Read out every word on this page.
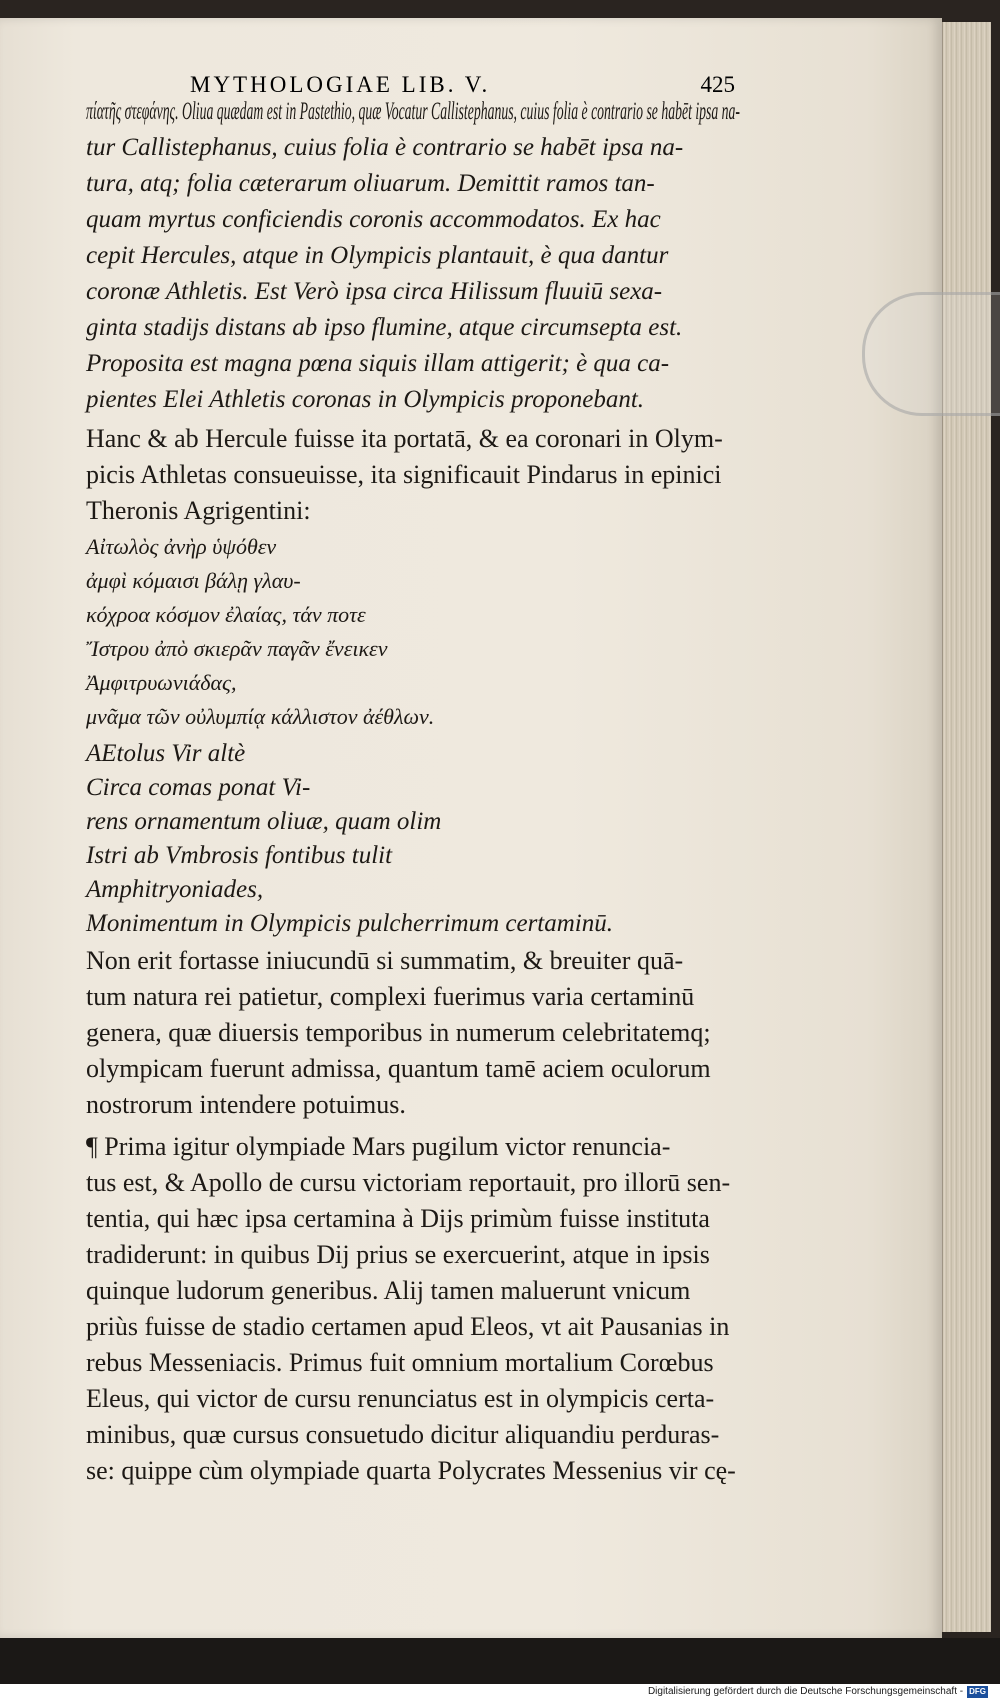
MYTHOLOGIAE LIB. V.	425
πίατῆς στεφάνης. Oliua quædam est in Pastethio, quæ Vocatur Callistephanus, cuius folia è contrario se habēt ipsa na-
tur Callistephanus, cuius folia è contrario se habēt ipsa na-
tura, atq; folia cæterarum oliuarum. Demittit ramos tan-
quam myrtus conficiendis coronis accommodatos. Ex hac
cepit Hercules, atque in Olympicis plantauit, è qua dantur
coronæ Athletis. Est Verò ipsa circa Hilissum fluuiū sexa-
ginta stadijs distans ab ipso flumine, atque circumsepta est.
Proposita est magna pœna siquis illam attigerit; è qua ca-
pientes Elei Athletis coronas in Olympicis proponebant.
Hanc & ab Hercule fuisse ita portatā, & ea coronari in Olym-
picis Athletas consueuisse, ita significauit Pindarus in epinici
Theronis Agrigentini:
Αἰτωλὸς ἀνὴρ ὑψόθεν
ἀμφὶ κόμαισι βάλῃ γλαυ-
κόχροα κόσμον ἐλαίας, τάν ποτε
Ἴστρου ἀπὸ σκιερᾶν παγᾶν ἔνεικεν
Ἀμφιτρυωνιάδας,
μνᾶμα τῶν οὐλυμπίᾳ κάλλιστον ἀέθλων.
AEtolus Vir altè
Circa comas ponat Vi-
rens ornamentum oliuæ, quam olim
Istri ab Vmbrosis fontibus tulit
Amphitryoniades,
Monimentum in Olympicis pulcherrimum certaminū.
Non erit fortasse iniucundū si summatim, & breuiter quā-
tum natura rei patietur, complexi fuerimus varia certaminū
genera, quæ diuersis temporibus in numerum celebritatemq;
olympicam fuerunt admissa, quantum tamē aciem oculorum
nostrorum intendere potuimus.
¶ Prima igitur olympiade Mars pugilum victor renuncia-
tus est, & Apollo de cursu victoriam reportauit, pro illorū sen-
tentia, qui hæc ipsa certamina à Dijs primùm fuisse instituta
tradiderunt: in quibus Dij prius se exercuerint, atque in ipsis
quinque ludorum generibus. Alij tamen maluerunt vnicum
priùs fuisse de stadio certamen apud Eleos, vt ait Pausanias in
rebus Messeniacis. Primus fuit omnium mortalium Corœbus
Eleus, qui victor de cursu renunciatus est in olympicis certa-
minibus, quæ cursus consuetudo dicitur aliquandiu perduras-
se: quippe cùm olympiade quarta Polycrates Messenius vir cę-
Digitalisierung gefördert durch die Deutsche Forschungsgemeinschaft - DFG
